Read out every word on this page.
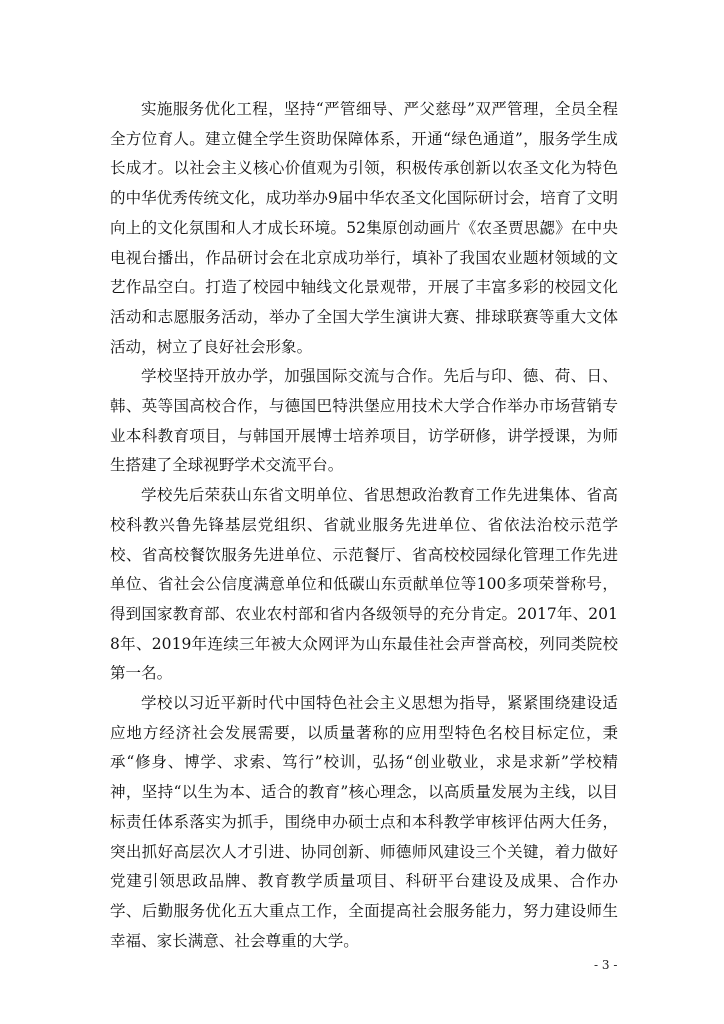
实施服务优化工程，坚持“严管细导、严父慈母”双严管理，全员全程全方位育人。建立健全学生资助保障体系，开通“绿色通道”，服务学生成长成才。以社会主义核心价值观为引领，积极传承创新以农圣文化为特色的中华优秀传统文化，成功举办9届中华农圣文化国际研讨会，培育了文明向上的文化氛围和人才成长环境。52集原创动画片《农圣贾思勰》在中央电视台播出，作品研讨会在北京成功举行，填补了我国农业题材领域的文艺作品空白。打造了校园中轴线文化景观带，开展了丰富多彩的校园文化活动和志愿服务活动，举办了全国大学生演讲大赛、排球联赛等重大文体活动，树立了良好社会形象。

学校坚持开放办学，加强国际交流与合作。先后与印、德、荷、日、韩、英等国高校合作，与德国巴特洪堡应用技术大学合作举办市场营销专业本科教育项目，与韩国开展博士培养项目，访学研修，讲学授课，为师生搭建了全球视野学术交流平台。

学校先后荣获山东省文明单位、省思想政治教育工作先进集体、省高校科教兴鲁先锋基层党组织、省就业服务先进单位、省依法治校示范学校、省高校餐饮服务先进单位、示范餐厅、省高校校园绿化管理工作先进单位、省社会公信度满意单位和低碳山东贡献单位等100多项荣誉称号，得到国家教育部、农业农村部和省内各级领导的充分肯定。2017年、2018年、2019年连续三年被大众网评为山东最佳社会声誉高校，列同类院校第一名。

学校以习近平新时代中国特色社会主义思想为指导，紧紧围绕建设适应地方经济社会发展需要，以质量著称的应用型特色名校目标定位，秉承“修身、博学、求索、笃行”校训，弘扬“创业敬业，求是求新”学校精神，坚持“以生为本、适合的教育”核心理念，以高质量发展为主线，以目标责任体系落实为抓手，围绕申办硕士点和本科教学审核评估两大任务，突出抓好高层次人才引进、协同创新、师德师风建设三个关键，着力做好党建引领思政品牌、教育教学质量项目、科研平台建设及成果、合作办学、后勤服务优化五大重点工作，全面提高社会服务能力，努力建设师生幸福、家长满意、社会尊重的大学。

- 3 -
